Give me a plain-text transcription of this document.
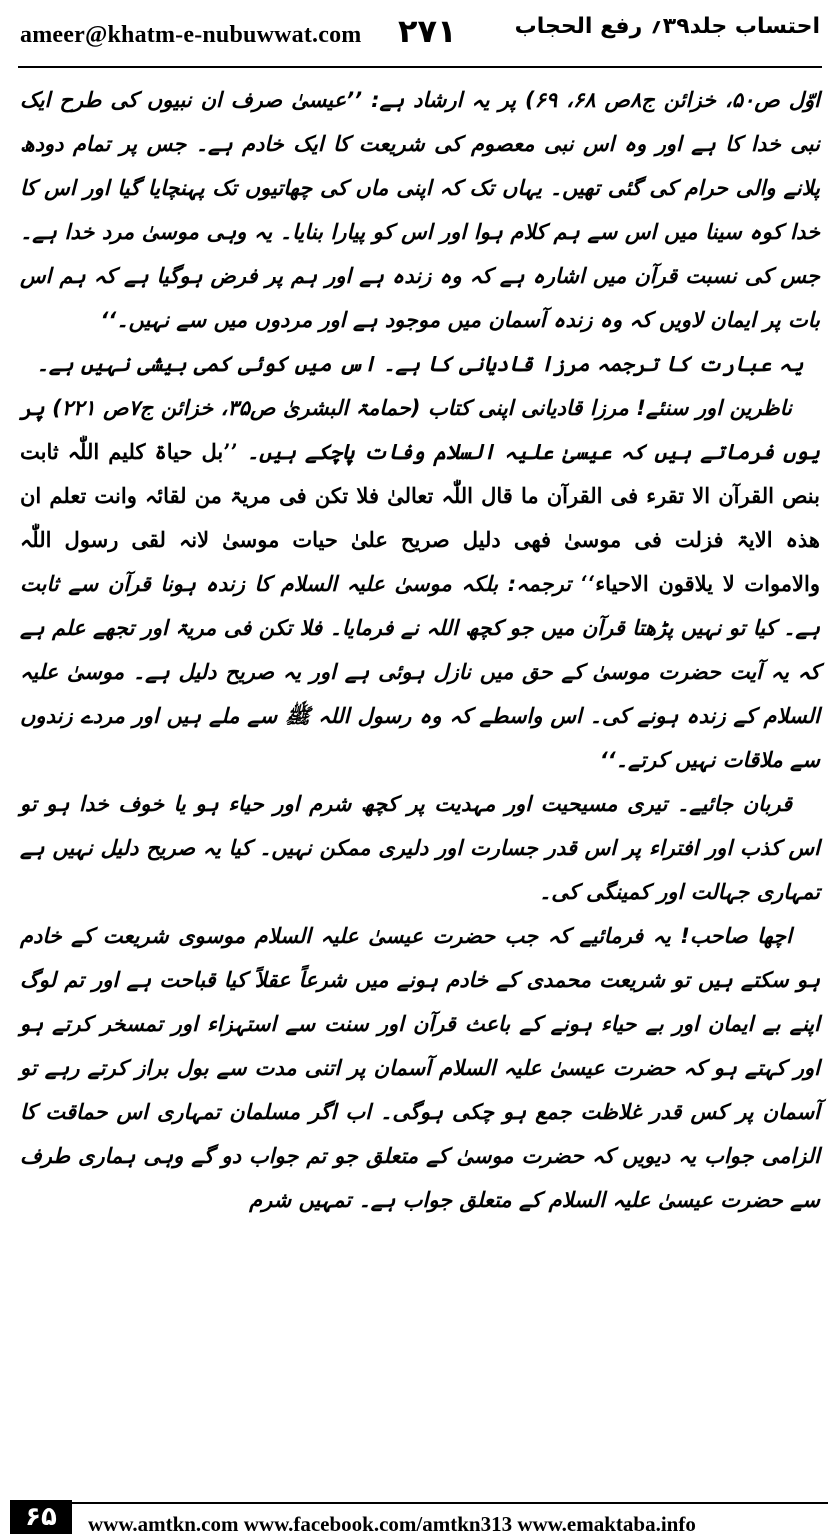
ameer@khatm-e-nubuwwat.com ۲۷۱	احتساب جلد۳۹؍ رفع الحجاب

اوّل ص۵۰، خزائن ج۸ص ۶۸، ۶۹) پر یہ ارشاد ہے: ’’عیسیٰ صرف ان نبیوں کی طرح ایک نبی خدا کا ہے اور وہ اس نبی معصوم کی شریعت کا ایک خادم ہے۔ جس پر تمام دودھ پلانے والی حرام کی گئی تھیں۔ یہاں تک کہ اپنی ماں کی چھاتیوں تک پہنچایا گیا اور اس کا خدا کوہ سینا میں اس سے ہم کلام ہوا اور اس کو پیارا بنایا۔ یہ وہی موسیٰ مرد خدا ہے۔ جس کی نسبت قرآن میں اشارہ ہے کہ وہ زندہ ہے اور ہم پر فرض ہوگیا ہے کہ ہم اس بات پر ایمان لاویں کہ وہ زندہ آسمان میں موجود ہے اور مردوں میں سے نہیں۔‘‘

یہ عبارت کا ترجمہ مرزا قادیانی کا ہے۔ اس میں کوئی کمی بیشی نہیں ہے۔

ناظرین اور سنئے! مرزا قادیانی اپنی کتاب (حمامۃ البشریٰ ص۳۵، خزائن ج۷ص ۲۲۱) پر یوں فرماتے ہیں کہ عیسیٰ علیہ السلام وفات پاچکے ہیں۔ ’’بل حیاۃ کلیم اللّٰہ ثابت بنص القرآن الا تقرء فی القرآن ما قال اللّٰہ تعالیٰ فلا تکن فی مریۃ من لقائہ وانت تعلم ان ھذہ الایۃ فزلت فی موسیٰ فھی دلیل صریح علیٰ حیات موسیٰ لانہ لقی رسول اللّٰہ والاموات لا یلاقون الاحیاء‘‘ ترجمہ: بلکہ موسیٰ علیہ السلام کا زندہ ہونا قرآن سے ثابت ہے۔ کیا تو نہیں پڑھتا قرآن میں جو کچھ اللہ نے فرمایا۔ فلا تکن فی مریۃ اور تجھے علم ہے کہ یہ آیت حضرت موسیٰ کے حق میں نازل ہوئی ہے اور یہ صریح دلیل ہے۔ موسیٰ علیہ السلام کے زندہ ہونے کی۔ اس واسطے کہ وہ رسول اللہ ﷺ سے ملے ہیں اور مردے زندوں سے ملاقات نہیں کرتے۔‘‘

قربان جائیے۔ تیری مسیحیت اور مہدیت پر کچھ شرم اور حیاء ہو یا خوف خدا ہو تو اس کذب اور افتراء پر اس قدر جسارت اور دلیری ممکن نہیں۔ کیا یہ صریح دلیل نہیں ہے تمہاری جہالت اور کمینگی کی۔

اچھا صاحب! یہ فرمائیے کہ جب حضرت عیسیٰ علیہ السلام موسوی شریعت کے خادم ہو سکتے ہیں تو شریعت محمدی کے خادم ہونے میں شرعاً عقلاً کیا قباحت ہے اور تم لوگ اپنے بے ایمان اور بے حیاء ہونے کے باعث قرآن اور سنت سے استہزاء اور تمسخر کرتے ہو اور کہتے ہو کہ حضرت عیسیٰ علیہ السلام آسمان پر اتنی مدت سے بول براز کرتے رہے تو آسمان پر کس قدر غلاظت جمع ہو چکی ہوگی۔ اب اگر مسلمان تمہاری اس حماقت کا الزامی جواب یہ دیویں کہ حضرت موسیٰ کے متعلق جو تم جواب دو گے وہی ہماری طرف سے حضرت عیسیٰ علیہ السلام کے متعلق جواب ہے۔ تمہیں شرم

۶۵	www.amtkn.com www.facebook.com/amtkn313 www.emaktaba.info
